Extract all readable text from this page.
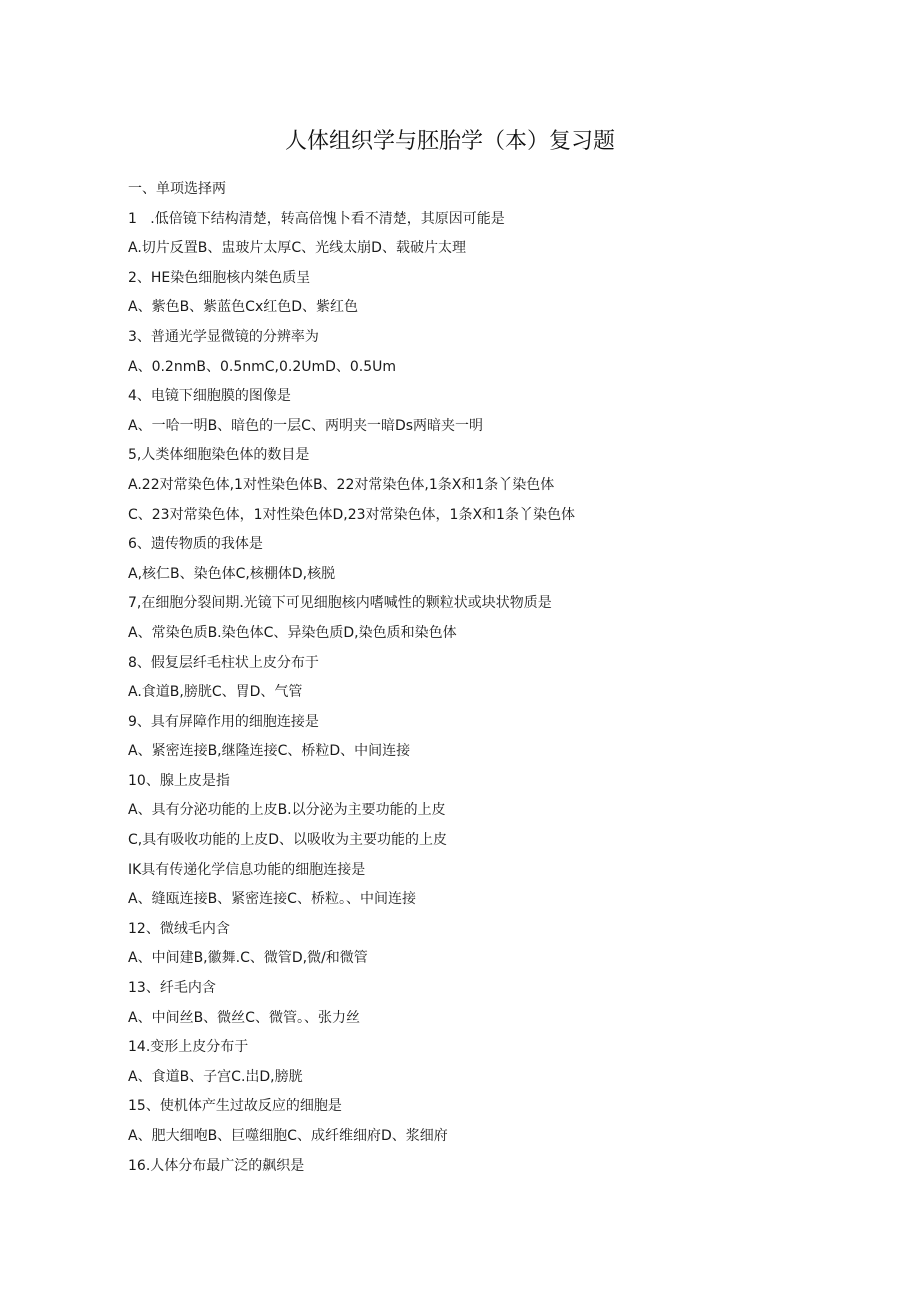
人体组织学与胚胎学（本）复习题
一、单项选择两
1   .低倍镜下结构清楚，转高倍愧卜看不清楚，其原因可能是
A.切片反置B、盅玻片太厚C、光线太崩D、载破片太理
2、HE染色细胞核内桀色质呈
A、紫色B、紫蓝色Cx红色D、紫红色
3、普通光学显微镜的分辨率为
A、0.2nmB、0.5nmC,0.2UmD、0.5Um
4、电镜下细胞膜的图像是
A、一哈一明B、暗色的一层C、两明夹一暗Ds两暗夹一明
5,人类体细胞染色体的数目是
A.22对常染色体,1对性染色体B、22对常染色体,1条X和1条丫染色体
C、23对常染色体，1对性染色体D,23对常染色体，1条X和1条丫染色体
6、遗传物质的我体是
A,核仁B、染色体C,核棚体D,核脱
7,在细胞分裂间期.光镜下可见细胞核内嗜喊性的颗粒状或块状物质是
A、常染色质B.染色体C、异染色质D,染色质和染色体
8、假复层纤毛柱状上皮分布于
A.食道B,膀胱C、胃D、气管
9、具有屏障作用的细胞连接是
A、紧密连接B,继隆连接C、桥粒D、中间连接
10、腺上皮是指
A、具有分泌功能的上皮B.以分泌为主要功能的上皮
C,具有吸收功能的上皮D、以吸收为主要功能的上皮
IK具有传递化学信息功能的细胞连接是
A、缝瓯连接B、紧密连接C、桥粒。、中间连接
12、微绒毛内含
A、中间建B,徽舞.C、微管D,微/和微管
13、纤毛内含
A、中间丝B、微丝C、微管。、张力丝
14.变形上皮分布于
A、食道B、子宫C.岀D,膀胱
15、使机体产生过故反应的细胞是
A、肥大细咆B、巨噬细胞C、成纤维细府D、浆细府
16.人体分布最广泛的飙织是
